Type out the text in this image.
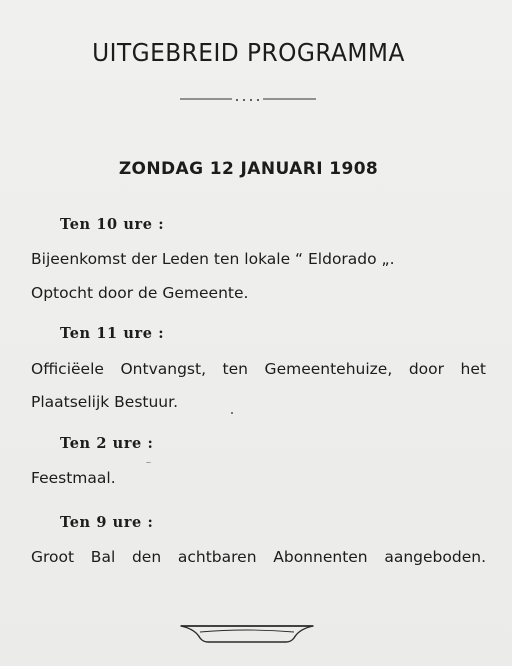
UITGEBREID PROGRAMMA
ZONDAG 12 JANUARI 1908
Ten 10 ure :
Bijeenkomst der Leden ten lokale “ Eldorado „.
Optocht door de Gemeente.
Ten 11 ure :
Officiëele Ontvangst, ten Gemeentehuize, door het
Plaatselijk Bestuur.
Ten 2 ure :
Feestmaal.
Ten 9 ure :
Groot Bal den achtbaren Abonnenten aangeboden.
